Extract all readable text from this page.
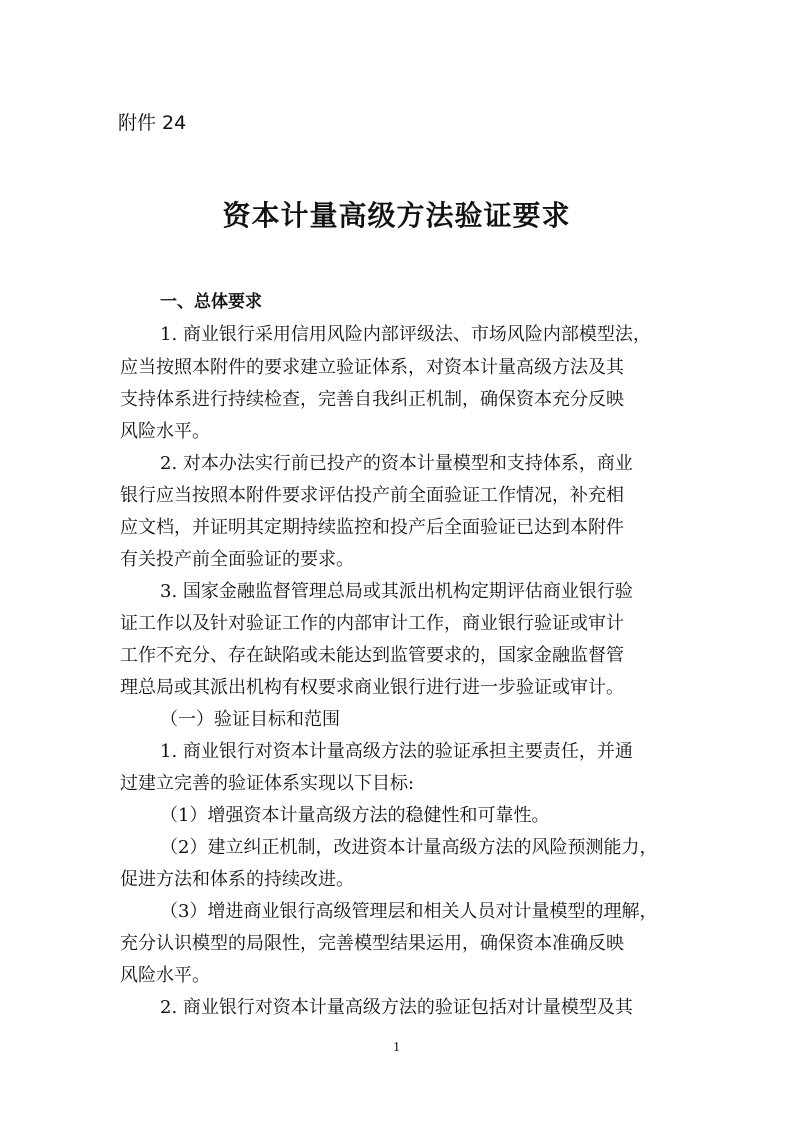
附件 24
资本计量高级方法验证要求
一、总体要求
1. 商业银行采用信用风险内部评级法、市场风险内部模型法，
应当按照本附件的要求建立验证体系，对资本计量高级方法及其
支持体系进行持续检查，完善自我纠正机制，确保资本充分反映
风险水平。
2. 对本办法实行前已投产的资本计量模型和支持体系，商业
银行应当按照本附件要求评估投产前全面验证工作情况，补充相
应文档，并证明其定期持续监控和投产后全面验证已达到本附件
有关投产前全面验证的要求。
3. 国家金融监督管理总局或其派出机构定期评估商业银行验
证工作以及针对验证工作的内部审计工作，商业银行验证或审计
工作不充分、存在缺陷或未能达到监管要求的，国家金融监督管
理总局或其派出机构有权要求商业银行进行进一步验证或审计。
（一）验证目标和范围
1. 商业银行对资本计量高级方法的验证承担主要责任，并通
过建立完善的验证体系实现以下目标:
（1）增强资本计量高级方法的稳健性和可靠性。
（2）建立纠正机制，改进资本计量高级方法的风险预测能力，
促进方法和体系的持续改进。
（3）增进商业银行高级管理层和相关人员对计量模型的理解，
充分认识模型的局限性，完善模型结果运用，确保资本准确反映
风险水平。
2. 商业银行对资本计量高级方法的验证包括对计量模型及其
1
